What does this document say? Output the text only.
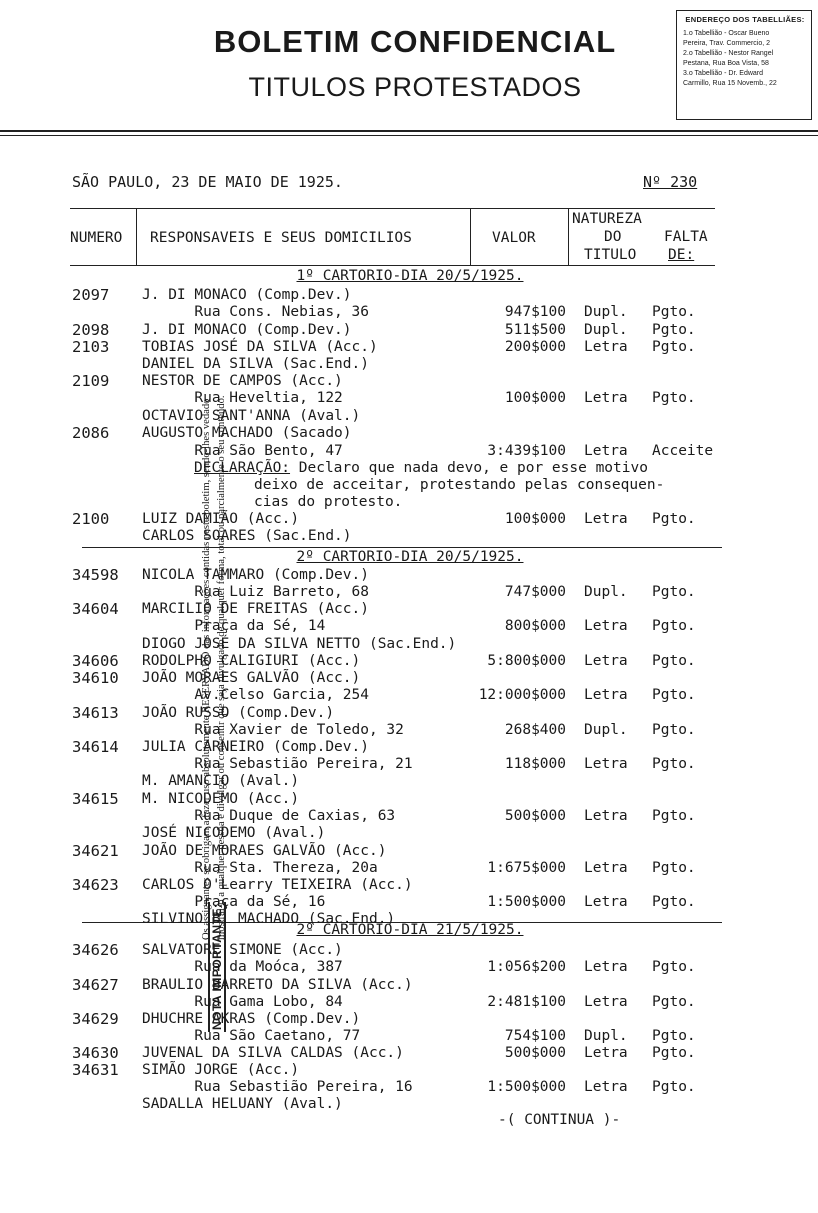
BOLETIM CONFIDENCIAL
TITULOS PROTESTADOS
ENDEREÇO DOS TABELLIÃES:
1.o Tabellião - Oscar Bueno
Pereira, Trav. Commercio, 2
2.o Tabellião - Nestor Rangel
Pestana, Rua Boa Vista, 58
3.o Tabellião - Dr. Edward
Carmillo, Rua 15 Novemb., 22
NOTA IMPORTANTE:
Os assignantes se obrigam a fazer uso absolutamente RESERVADO das informações contidas neste boletim, sendo-lhes vedado mostral-o a qualquer pessôa e divulgar ou consentir que seja divulgado de qualquer forma, total ou parcialmente o seu conteúdo.
SÃO PAULO, 23 DE MAIO DE 1925.	Nº 230
NUMERO RESPONSAVEIS E SEUS DOMICILIOS	VALOR
NATUREZA
DO
TITULO
FALTA
DE:
1º CARTORIO-DIA 20/5/1925.
2º CARTORIO-DIA 20/5/1925.
2º CARTORIO-DIA 21/5/1925.
DECLARAÇÃO: Declaro que nada devo, e por esse motivo
deixo de acceitar, protestando pelas consequen-
cias do protesto.
2097 J. DI MONACO (Comp.Dev.)
Rua Cons. Nebias, 36	947$100 Dupl. Pgto.
2098 J. DI MONACO (Comp.Dev.)	511$500 Dupl. Pgto.
2103 TOBIAS JOSÉ DA SILVA (Acc.)	200$000 Letra Pgto.
DANIEL DA SILVA (Sac.End.)
2109 NESTOR DE CAMPOS (Acc.)
Rua Heveltia, 122	100$000 Letra Pgto.
OCTAVIO SANT'ANNA (Aval.)
2086 AUGUSTO MACHADO (Sacado)
Rua São Bento, 47	3:439$100 Letra Acceite
2100 LUIZ DAMIÃO (Acc.)	100$000 Letra Pgto.
CARLOS SOARES (Sac.End.)
34598 NICOLA TAMMARO (Comp.Dev.)
Rua Luiz Barreto, 68	747$000 Dupl. Pgto.
34604 MARCILIO DE FREITAS (Acc.)
Praça da Sé, 14	800$000 Letra Pgto.
DIOGO JOSÉ DA SILVA NETTO (Sac.End.)
34606 RODOLPHO CALIGIURI (Acc.)	5:800$000 Letra Pgto.
34610 JOÃO MORAES GALVÃO (Acc.)
Av.Celso Garcia, 254	12:000$000 Letra Pgto.
34613 JOÃO RUSSO (Comp.Dev.)
Rua Xavier de Toledo, 32	268$400 Dupl. Pgto.
34614 JULIA CARNEIRO (Comp.Dev.)
Rua Sebastião Pereira, 21	118$000 Letra Pgto.
M. AMANCIO (Aval.)
34615 M. NICODEMO (Acc.)
Rua Duque de Caxias, 63	500$000 Letra Pgto.
JOSÉ NICODEMO (Aval.)
34621 JOÃO DE MORAES GALVÃO (Acc.)
Rua Sta. Thereza, 20a	1:675$000 Letra Pgto.
34623 CARLOS O'Learry TEIXEIRA (Acc.)
Praça da Sé, 16	1:500$000 Letra Pgto.
SILVINO B. MACHADO (Sac.End.)
34626 SALVATORE SIMONE (Acc.)
Rua da Moóca, 387	1:056$200 Letra Pgto.
34627 BRAULIO BARRETO DA SILVA (Acc.)
Rua Gama Lobo, 84	2:481$100 Letra Pgto.
34629 DHUCHRE AKRAS (Comp.Dev.)
Rua São Caetano, 77	754$100 Dupl. Pgto.
34630 JUVENAL DA SILVA CALDAS (Acc.)	500$000 Letra Pgto.
34631 SIMÃO JORGE (Acc.)
Rua Sebastião Pereira, 16	1:500$000 Letra Pgto.
SADALLA HELUANY (Aval.)
-( CONTINUA )-
